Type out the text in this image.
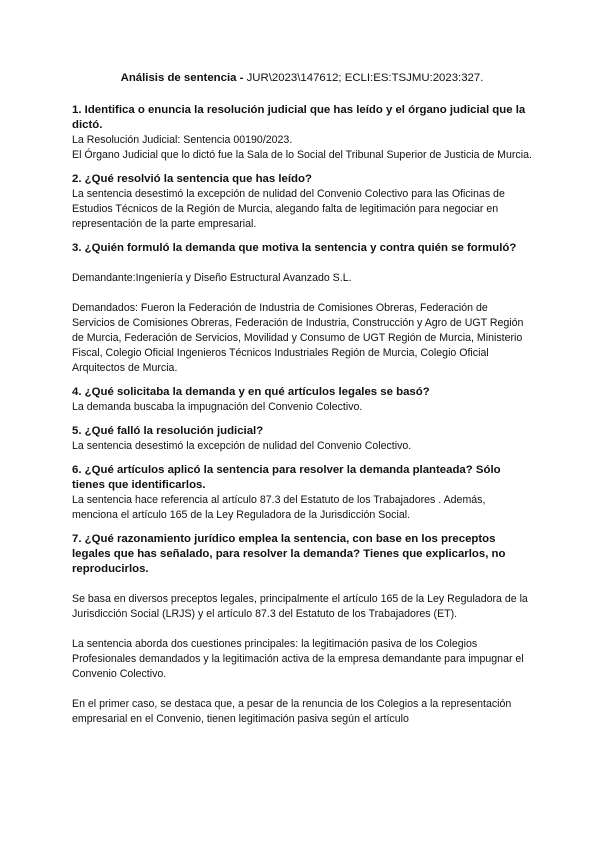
Análisis de sentencia - JUR\2023\147612; ECLI:ES:TSJMU:2023:327.

1. Identifica o enuncia la resolución judicial que has leído y el órgano judicial que la dictó.

La Resolución Judicial: Sentencia 00190/2023.

El Órgano Judicial que lo dictó fue la Sala de lo Social del Tribunal Superior de Justicia de Murcia.

2. ¿Qué resolvió la sentencia que has leído?

La sentencia desestimó la excepción de nulidad del Convenio Colectivo para las Oficinas de Estudios Técnicos de la Región de Murcia, alegando falta de legitimación para negociar en representación de la parte empresarial.

3. ¿Quién formuló la demanda que motiva la sentencia y contra quién se formuló?

Demandante:Ingeniería y Diseño Estructural Avanzado S.L.

Demandados: Fueron la Federación de Industria de Comisiones Obreras, Federación de Servicios de Comisiones Obreras, Federación de Industria, Construcción y Agro de UGT Región de Murcia, Federación de Servicios, Movilidad y Consumo de UGT Región de Murcia, Ministerio Fiscal, Colegio Oficial Ingenieros Técnicos Industriales Región de Murcia, Colegio Oficial Arquitectos de Murcia.

4. ¿Qué solicitaba la demanda y en qué artículos legales se basó?

La demanda buscaba la impugnación del Convenio Colectivo.

5. ¿Qué falló la resolución judicial?

La sentencia desestimó la excepción de nulidad del Convenio Colectivo.

6. ¿Qué artículos aplicó la sentencia para resolver la demanda planteada? Sólo tienes que identificarlos.

La sentencia hace referencia al artículo 87.3 del Estatuto de los Trabajadores . Además, menciona el artículo 165 de la Ley Reguladora de la Jurisdicción Social.

7. ¿Qué razonamiento jurídico emplea la sentencia, con base en los preceptos legales que has señalado, para resolver la demanda? Tienes que explicarlos, no reproducirlos.

Se basa en diversos preceptos legales, principalmente el artículo 165 de la Ley Reguladora de la Jurisdicción Social (LRJS) y el artículo 87.3 del Estatuto de los Trabajadores (ET).

La sentencia aborda dos cuestiones principales: la legitimación pasiva de los Colegios Profesionales demandados y la legitimación activa de la empresa demandante para impugnar el Convenio Colectivo.

En el primer caso, se destaca que, a pesar de la renuncia de los Colegios a la representación empresarial en el Convenio, tienen legitimación pasiva según el artículo
